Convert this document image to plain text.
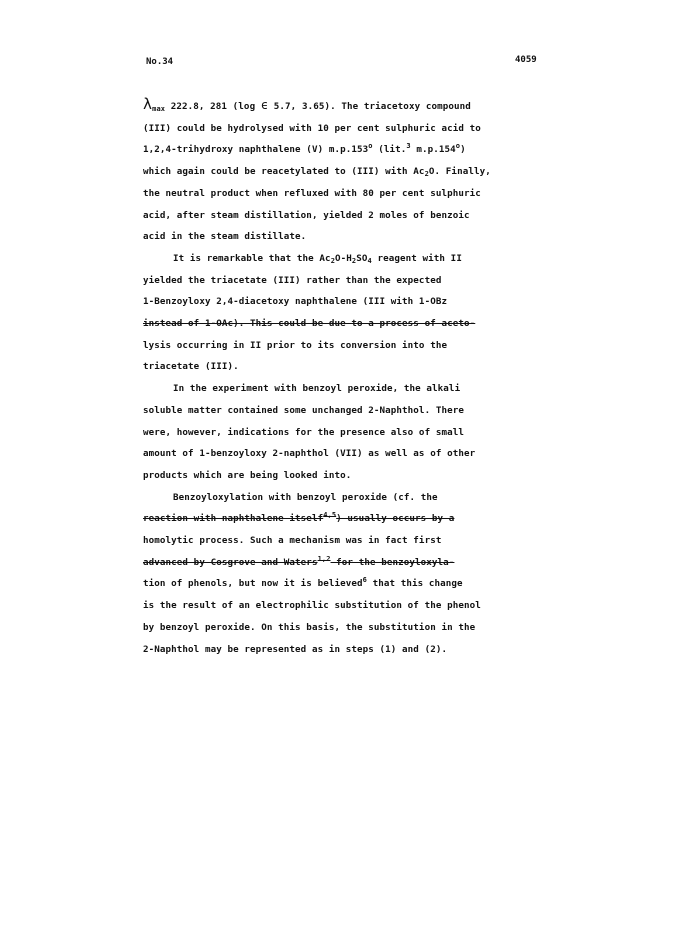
No.34	4059
$\lambda_{max}$ 222.8, 281 (log ϵ 5.7, 3.65). The triacetoxy compound
(III) could be hydrolysed with 10 per cent sulphuric acid to
1,2,4-trihydroxy naphthalene (V) m.p.153$^o$ (lit.$^3$ m.p.154$^o$)
which again could be reacetylated to (III) with $Ac_2O$. Finally,
the neutral product when refluxed with 80 per cent sulphuric
acid, after steam distillation, yielded 2 moles of benzoic
acid in the steam distillate.
It is remarkable that the $Ac_2O-H_2SO_4$ reagent with II
yielded the triacetate (III) rather than the expected
1-Benzoyloxy 2,4-diacetoxy naphthalene (III with 1-OBz
instead of 1-OAc). This could be due to a process of aceto-
lysis occurring in II prior to its conversion into the
triacetate (III).
In the experiment with benzoyl peroxide, the alkali
soluble matter contained some unchanged 2-Naphthol. There
were, however, indications for the presence also of small
amount of 1-benzoyloxy 2-naphthol (VII) as well as of other
products which are being looked into.
Benzoyloxylation with benzoyl peroxide (cf. the
reaction with naphthalene itself$^{4,5}$) usually occurs by a
homolytic process. Such a mechanism was in fact first
advanced by Cosgrove and Waters$^{1,2}$ for the benzoyloxyla-
tion of phenols, but now it is believed$^6$ that this change
is the result of an electrophilic substitution of the phenol
by benzoyl peroxide. On this basis, the substitution in the
2-Naphthol may be represented as in steps (1) and (2).
